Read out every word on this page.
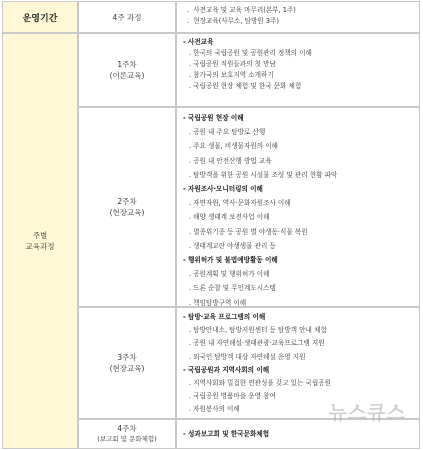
운영기간	4주 과정
. 사전교육 및 교육 마무리(본부, 1주)
. 현장교육(사무소, 탐방원 3주)
주별
교육과정
1주차
(이론교육)
- 사전교육
. 한국의 국립공원 및 공원관리 정책의 이해
. 국립공원 직원들과의 첫 만남
. 참가국의 보호지역 소개하기
. 국립공원 현장 체험 및 한국 문화 체험
2주차
(현장교육)
- 국립공원 현장 이해
. 공원 내 주요 탐방로 산행
. 주요 생물, 비생물자원의 이해
. 공원 내 안전산행 방법 교육
. 탐방객을 위한 공원 시설물 조성 및 관리 현황 파악
- 자원조사·모니터링의 이해
. 자연자원, 역사·문화자원조사 이해
. 해양 생태계 보전사업 이해
. 멸종위기종 등 공원 별 야생동·식물 복원
. 생태계교란 야생생물 관리 등
- 행위허가 및 불법예방활동 이해
. 공원계획 및 행위허가 이해
. 드론 순찰 및 무인계도시스템
. 책임탐방구역 이해
3주차
(현장교육)
- 탐방·교육 프로그램의 이해
. 탐방안내소, 탐방지원센터 등 탐방객 안내 체험
. 공원 내 자연해설·생태관광·교육프로그램 지원
. 외국인 탐방객 대상 자연해설 운영 지원
- 국립공원과 지역사회의 이해
. 지역사회와 밀접한 연관성을 갖고 있는 국립공원
. 국립공원 명품마을 운영 참여
. 자원봉사의 이해
4주차
(보고회 및 문화체험)
- 성과보고회 및 한국문화체험
뉴스큐스
